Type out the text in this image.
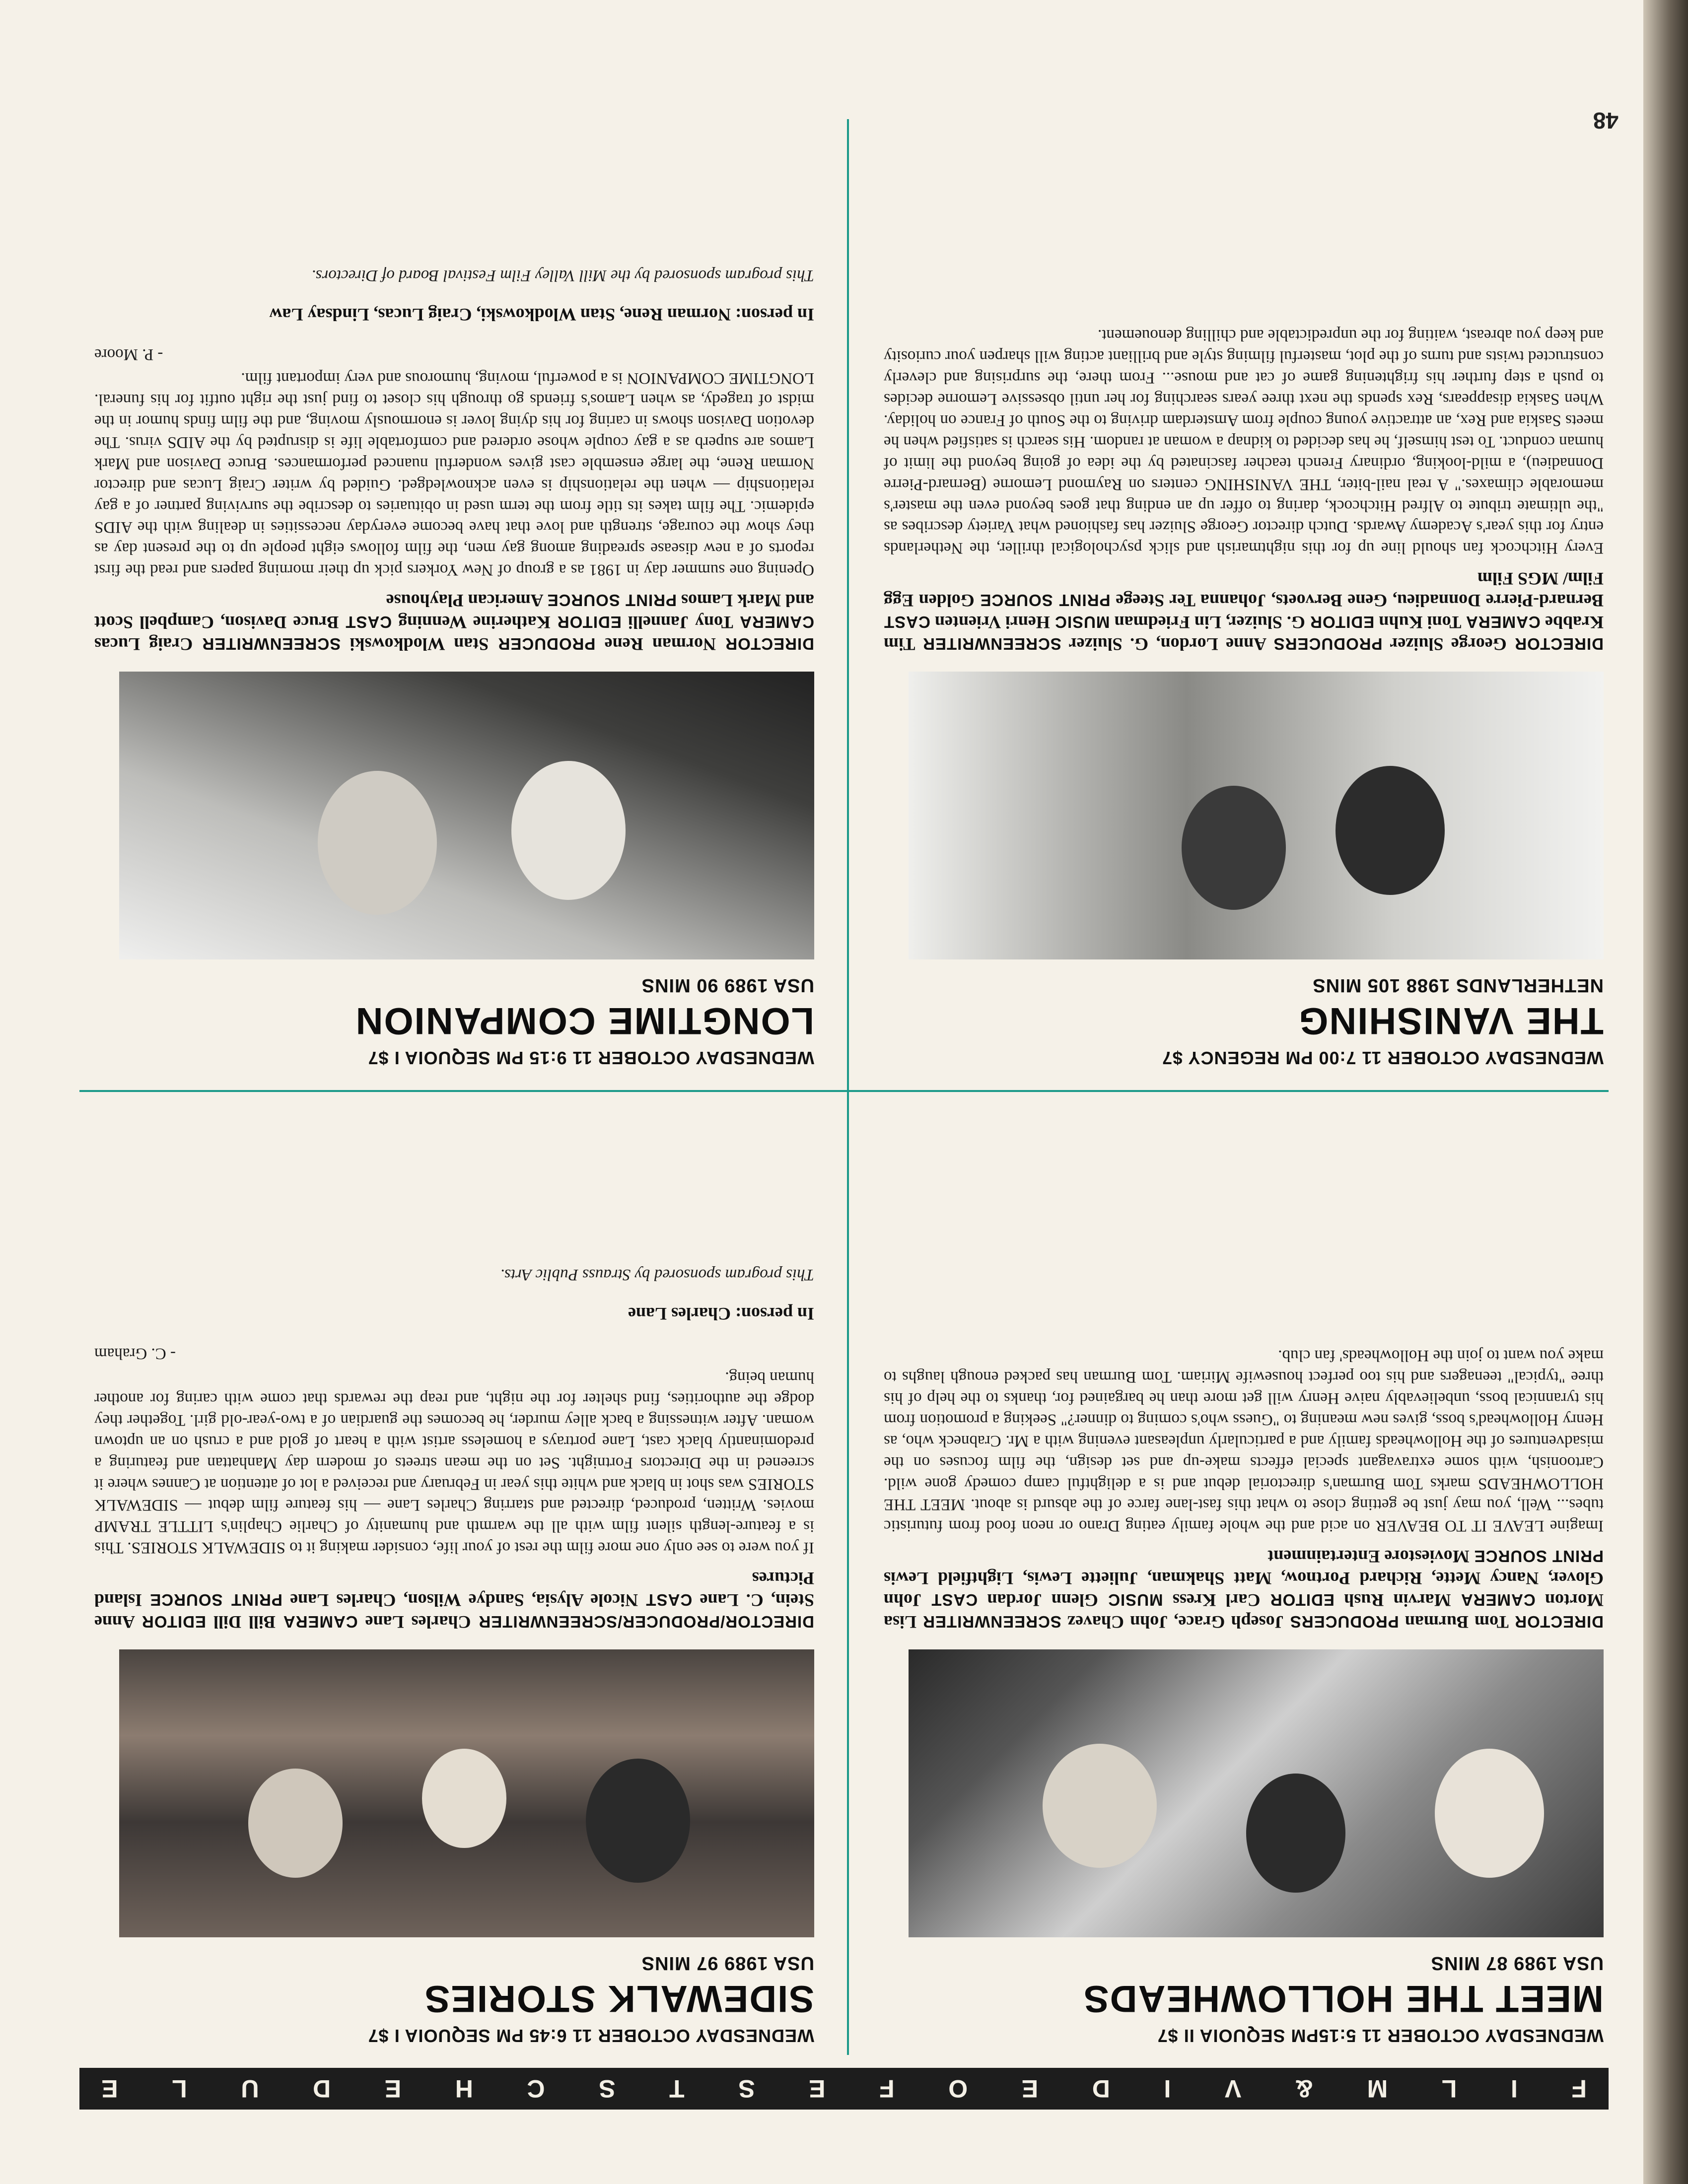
48
F
I
L
M
&
V
I
D
E
O
F
E
S
T
S
C
H
E
D
U
L
E
WEDNESDAY OCTOBER 11 5:15PM SEQUOIA II $7
MEET THE HOLLOWHEADS
USA 1989 87 MINS
DIRECTOR Tom Burman PRODUCERS Joseph Grace, John Chavez SCREENWRITER Lisa Morton CAMERA Marvin Rush EDITOR Carl Kress MUSIC Glenn Jordan CAST John Glover, Nancy Mette, Richard Portnow, Matt Shakman, Juliette Lewis, Lightfield Lewis PRINT SOURCE Moviestore Entertainment
Imagine LEAVE IT TO BEAVER on acid and the whole family eating Drano or neon food from futuristic tubes... Well, you may just be getting close to what this fast-lane farce of the absurd is about. MEET THE HOLLOWHEADS marks Tom Burman's directorial debut and is a delightful camp comedy gone wild. Cartoonish, with some extravagant special effects make-up and set design, the film focuses on the misadventures of the Hollowheads family and a particularly unpleasant evening with a Mr. Crabneck who, as Henry Hollowhead's boss, gives new meaning to "Guess who's coming to dinner?" Seeking a promotion from his tyrannical boss, unbelievably naive Henry will get more than he bargained for, thanks to the help of his three "typical" teenagers and his too perfect housewife Miriam. Tom Burman has packed enough laughs to make you want to join the Hollowheads' fan club.
WEDNESDAY OCTOBER 11 6:45 PM SEQUOIA I $7
SIDEWALK STORIES
USA 1989 97 MINS
DIRECTOR/PRODUCER/SCREENWRITER Charles Lane CAMERA Bill Dill EDITOR Anne Stein, C. Lane CAST Nicole Alysia, Sandye Wilson, Charles Lane PRINT SOURCE Island Pictures
If you were to see only one more film the rest of your life, consider making it to SIDEWALK STORIES. This is a feature-length silent film with all the warmth and humanity of Charlie Chaplin's LITTLE TRAMP movies. Written, produced, directed and starring Charles Lane — his feature film debut — SIDEWALK STORIES was shot in black and white this year in February and received a lot of attention at Cannes where it screened in the Directors Fortnight. Set on the mean streets of modern day Manhattan and featuring a predominantly black cast, Lane portrays a homeless artist with a heart of gold and a crush on an uptown woman. After witnessing a back alley murder, he becomes the guardian of a two-year-old girl. Together they dodge the authorities, find shelter for the night, and reap the rewards that come with caring for another human being.
- C. Graham
In person: Charles Lane
This program sponsored by Strauss Public Arts.
WEDNESDAY OCTOBER 11 7:00 PM REGENCY $7
THE VANISHING
NETHERLANDS 1988 105 MINS
DIRECTOR George Sluizer PRODUCERS Anne Lordon, G. Sluizer SCREENWRITER Tim Krabbe CAMERA Toni Kuhn EDITOR G. Sluizer, Lin Friedman MUSIC Henri Vrienten CAST Bernard-Pierre Donnadieu, Gene Bervoets, Johanna Ter Steege PRINT SOURCE Golden Egg Film/ MGS Film
Every Hitchcock fan should line up for this nightmarish and slick psychological thriller, the Netherlands entry for this year's Academy Awards. Dutch director George Sluizer has fashioned what Variety describes as "the ultimate tribute to Alfred Hitchcock, daring to offer up an ending that goes beyond even the master's memorable climaxes." A real nail-biter, THE VANISHING centers on Raymond Lemorne (Bernard-Pierre Donnadieu), a mild-looking, ordinary French teacher fascinated by the idea of going beyond the limit of human conduct. To test himself, he has decided to kidnap a woman at random. His search is satisfied when he meets Saskia and Rex, an attractive young couple from Amsterdam driving to the South of France on holiday. When Saskia disappears, Rex spends the next three years searching for her until obsessive Lemorne decides to push a step further his frightening game of cat and mouse... From there, the surprising and cleverly constructed twists and turns of the plot, masterful filming style and brilliant acting will sharpen your curiosity and keep you abreast, waiting for the unpredictable and chilling denouement.
WEDNESDAY OCTOBER 11 9:15 PM SEQUOIA I $7
LONGTIME COMPANION
USA 1989 90 MINS
DIRECTOR Norman Rene PRODUCER Stan Wlodkowski SCREENWRITER Craig Lucas CAMERA Tony Jannelli EDITOR Katherine Wenning CAST Bruce Davison, Campbell Scott and Mark Lamos PRINT SOURCE American Playhouse
Opening one summer day in 1981 as a group of New Yorkers pick up their morning papers and read the first reports of a new disease spreading among gay men, the film follows eight people up to the present day as they show the courage, strength and love that have become everyday necessities in dealing with the AIDS epidemic. The film takes its title from the term used in obituaries to describe the surviving partner of a gay relationship — when the relationship is even acknowledged. Guided by writer Craig Lucas and director Norman Rene, the large ensemble cast gives wonderful nuanced performances. Bruce Davison and Mark Lamos are superb as a gay couple whose ordered and comfortable life is disrupted by the AIDS virus. The devotion Davison shows in caring for his dying lover is enormously moving, and the film finds humor in the midst of tragedy, as when Lamos's friends go through his closet to find just the right outfit for his funeral. LONGTIME COMPANION is a powerful, moving, humorous and very important film.
- P. Moore
In person: Norman Rene, Stan Wlodkowski, Craig Lucas, Lindsay Law
This program sponsored by the Mill Valley Film Festival Board of Directors.
